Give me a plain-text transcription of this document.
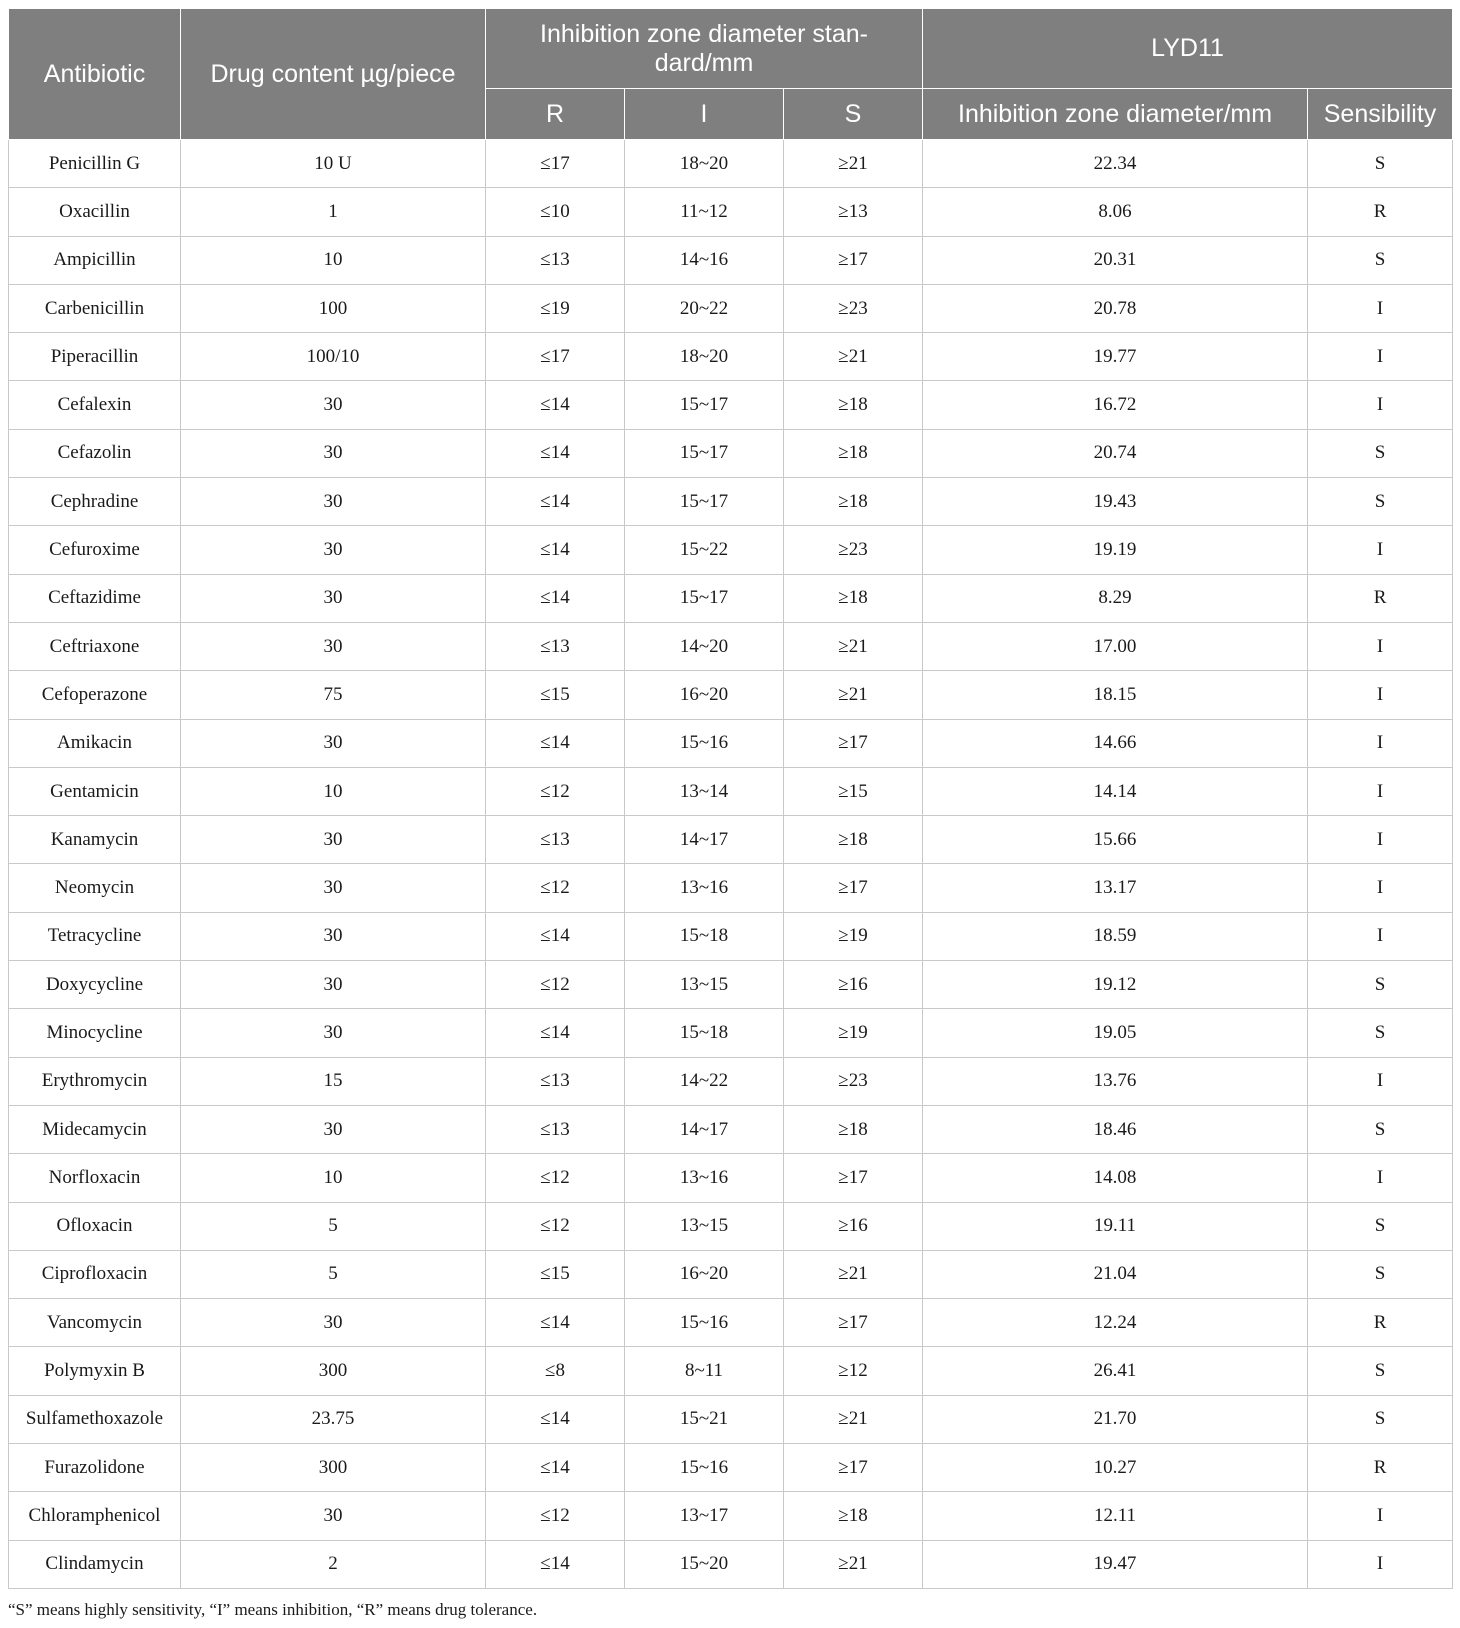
Antibiotic	Drug content µg/piece	Inhibition zone diameter stan-dard/mm			LYD11	
		R	I	S	Inhibition zone diameter/mm	Sensibility
Penicillin G	10 U	≤17	18~20	≥21	22.34	S
Oxacillin	1	≤10	11~12	≥13	8.06	R
Ampicillin	10	≤13	14~16	≥17	20.31	S
Carbenicillin	100	≤19	20~22	≥23	20.78	I
Piperacillin	100/10	≤17	18~20	≥21	19.77	I
Cefalexin	30	≤14	15~17	≥18	16.72	I
Cefazolin	30	≤14	15~17	≥18	20.74	S
Cephradine	30	≤14	15~17	≥18	19.43	S
Cefuroxime	30	≤14	15~22	≥23	19.19	I
Ceftazidime	30	≤14	15~17	≥18	8.29	R
Ceftriaxone	30	≤13	14~20	≥21	17.00	I
Cefoperazone	75	≤15	16~20	≥21	18.15	I
Amikacin	30	≤14	15~16	≥17	14.66	I
Gentamicin	10	≤12	13~14	≥15	14.14	I
Kanamycin	30	≤13	14~17	≥18	15.66	I
Neomycin	30	≤12	13~16	≥17	13.17	I
Tetracycline	30	≤14	15~18	≥19	18.59	I
Doxycycline	30	≤12	13~15	≥16	19.12	S
Minocycline	30	≤14	15~18	≥19	19.05	S
Erythromycin	15	≤13	14~22	≥23	13.76	I
Midecamycin	30	≤13	14~17	≥18	18.46	S
Norfloxacin	10	≤12	13~16	≥17	14.08	I
Ofloxacin	5	≤12	13~15	≥16	19.11	S
Ciprofloxacin	5	≤15	16~20	≥21	21.04	S
Vancomycin	30	≤14	15~16	≥17	12.24	R
Polymyxin B	300	≤8	8~11	≥12	26.41	S
Sulfamethoxazole	23.75	≤14	15~21	≥21	21.70	S
Furazolidone	300	≤14	15~16	≥17	10.27	R
Chloramphenicol	30	≤12	13~17	≥18	12.11	I
Clindamycin	2	≤14	15~20	≥21	19.47	I
“S” means highly sensitivity, “I” means inhibition, “R” means drug tolerance.
